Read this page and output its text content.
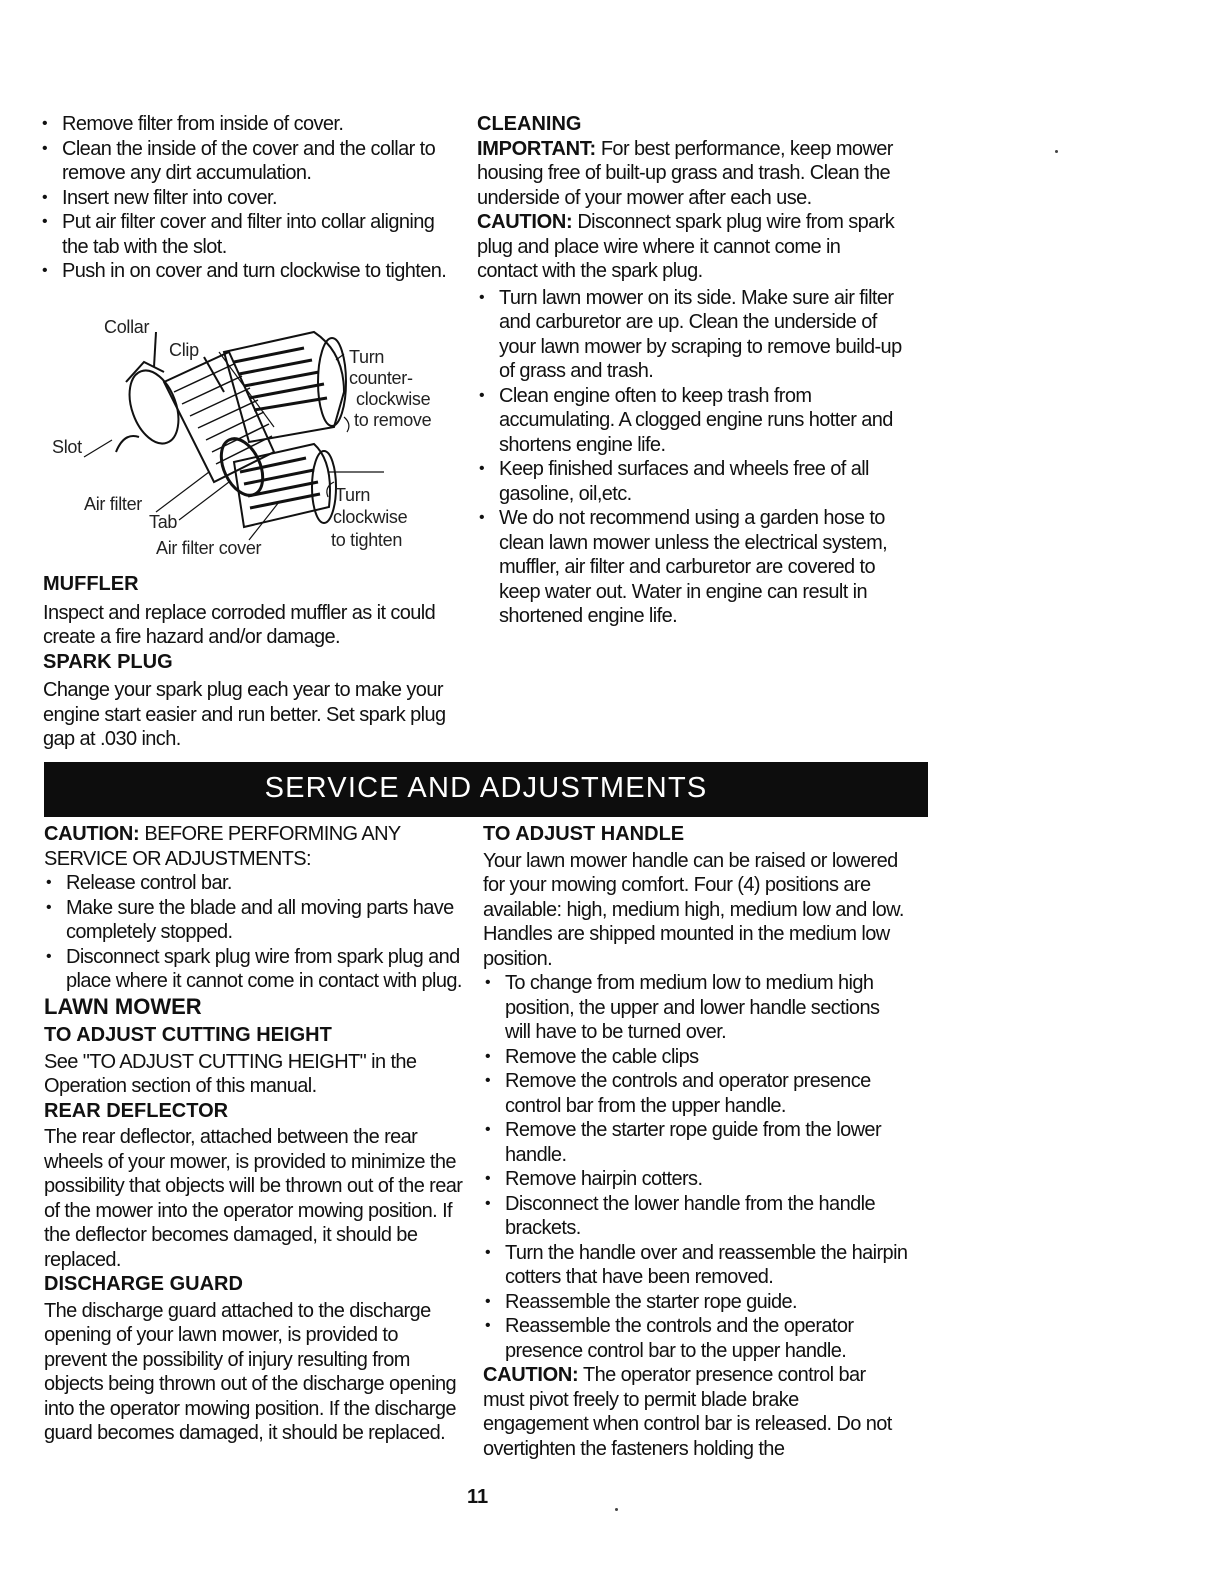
• Remove filter from inside of cover.
• Clean the inside of the cover and the collar to remove any dirt accumulation.
• Insert new filter into cover.
• Put air filter cover and filter into collar aligning the tab with the slot.
• Push in on cover and turn clockwise to tighten.
Collar
Clip	Turn
counter-
clockwise
to remove
Slot
Air filter
Tab
Air filter cover
Turn
clockwise
to tighten

MUFFLER

Inspect and replace corroded muffler as it could create a fire hazard and/or damage.

SPARK PLUG

Change your spark plug each year to make your engine start easier and run better. Set spark plug gap at .030 inch.

CLEANING

IMPORTANT: For best performance, keep mower housing free of built-up grass and trash. Clean the underside of your mower after each use.

CAUTION: Disconnect spark plug wire from spark plug and place wire where it cannot come in contact with the spark plug.

• Turn lawn mower on its side. Make sure air filter and carburetor are up. Clean the underside of your lawn mower by scraping to remove build-up of grass and trash.
• Clean engine often to keep trash from accumulating. A clogged engine runs hotter and shortens engine life.
• Keep finished surfaces and wheels free of all gasoline, oil,etc.
• We do not recommend using a garden hose to clean lawn mower unless the electrical system, muffler, air filter and carburetor are covered to keep water out. Water in engine can result in shortened engine life.
SERVICE AND ADJUSTMENTS

CAUTION: BEFORE PERFORMING ANY SERVICE OR ADJUSTMENTS:

• Release control bar.
• Make sure the blade and all moving parts have completely stopped.
• Disconnect spark plug wire from spark plug and place where it cannot come in contact with plug.

LAWN MOWER

TO ADJUST CUTTING HEIGHT

See "TO ADJUST CUTTING HEIGHT" in the Operation section of this manual.

REAR DEFLECTOR

The rear deflector, attached between the rear wheels of your mower, is provided to minimize the possibility that objects will be thrown out of the rear of the mower into the operator mowing position. If the deflector becomes damaged, it should be replaced.

DISCHARGE GUARD

The discharge guard attached to the discharge opening of your lawn mower, is provided to prevent the possibility of injury resulting from objects being thrown out of the discharge opening into the operator mowing position. If the discharge guard becomes damaged, it should be replaced.

TO ADJUST HANDLE

Your lawn mower handle can be raised or lowered for your mowing comfort. Four (4) positions are available: high, medium high, medium low and low. Handles are shipped mounted in the medium low position.

• To change from medium low to medium high position, the upper and lower handle sections will have to be turned over.
• Remove the cable clips
• Remove the controls and operator presence control bar from the upper handle.
• Remove the starter rope guide from the lower handle.
• Remove hairpin cotters.
• Disconnect the lower handle from the handle brackets.
• Turn the handle over and reassemble the hairpin cotters that have been removed.
• Reassemble the starter rope guide.
• Reassemble the controls and the operator presence control bar to the upper handle.

CAUTION: The operator presence control bar must pivot freely to permit blade brake engagement when control bar is released. Do not overtighten the fasteners holding the

11
